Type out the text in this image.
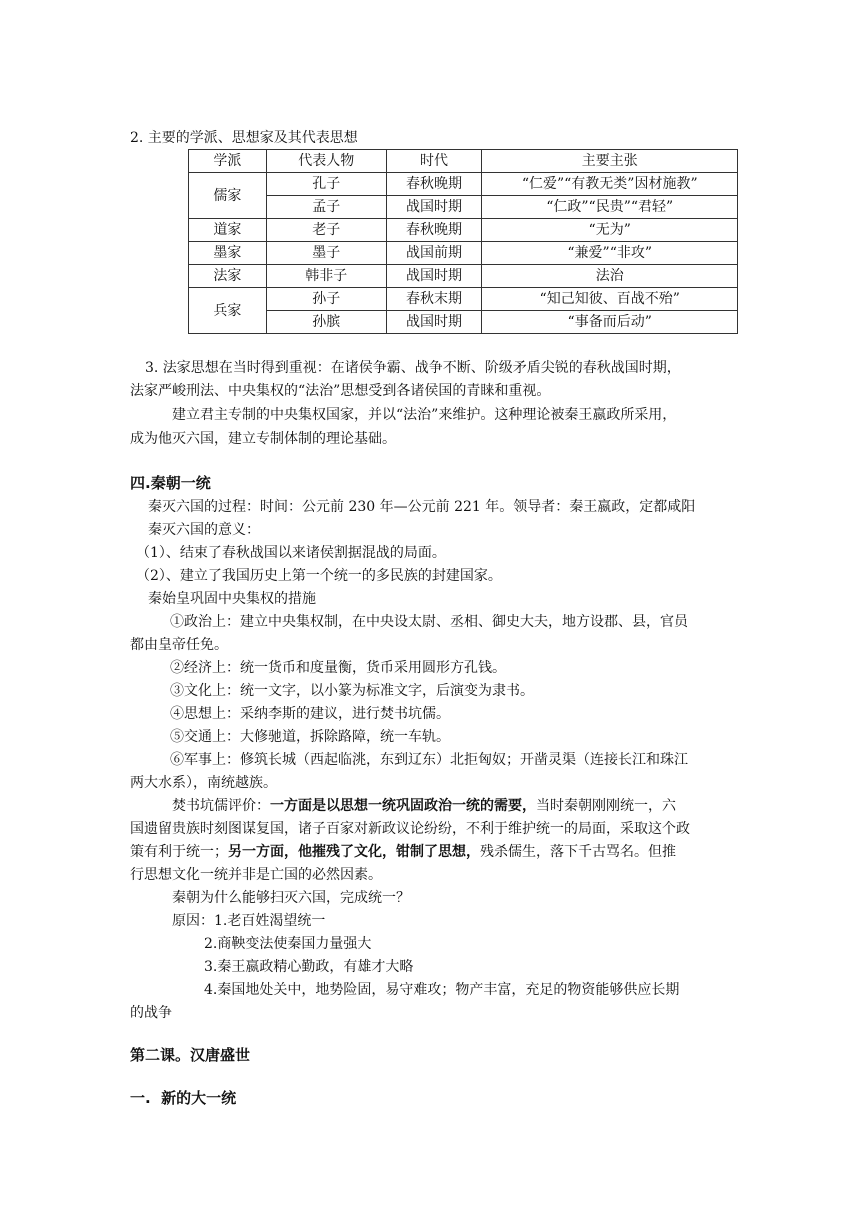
2. 主要的学派、思想家及其代表思想
学派	代表人物	时代	主要主张
儒家	孔子	春秋晚期	“仁爱”“有教无类”因材施教”
	孟子	战国时期	“仁政”“民贵”“君轻”
道家	老子	春秋晚期	“无为”
墨家	墨子	战国前期	“兼爱”“非攻”
法家	韩非子	战国时期	法治
兵家	孙子	春秋末期	“知己知彼、百战不殆”
	孙膑	战国时期	“事备而后动”
3. 法家思想在当时得到重视：在诸侯争霸、战争不断、阶级矛盾尖锐的春秋战国时期，
法家严峻刑法、中央集权的“法治”思想受到各诸侯国的青睐和重视。
建立君主专制的中央集权国家，并以“法治”来维护。这种理论被秦王嬴政所采用，
成为他灭六国，建立专制体制的理论基础。
四.秦朝一统
秦灭六国的过程：时间：公元前 230 年—公元前 221 年。领导者：秦王嬴政，定都咸阳
秦灭六国的意义：
（1）、结束了春秋战国以来诸侯割据混战的局面。
（2）、建立了我国历史上第一个统一的多民族的封建国家。
秦始皇巩固中央集权的措施
①政治上：建立中央集权制，在中央设太尉、丞相、御史大夫，地方设郡、县，官员
都由皇帝任免。
②经济上：统一货币和度量衡，货币采用圆形方孔钱。
③文化上：统一文字，以小篆为标准文字，后演变为隶书。
④思想上：采纳李斯的建议，进行焚书坑儒。
⑤交通上：大修驰道，拆除路障，统一车轨。
⑥军事上：修筑长城（西起临洮，东到辽东）北拒匈奴；开凿灵渠（连接长江和珠江
两大水系），南统越族。
焚书坑儒评价：一方面是以思想一统巩固政治一统的需要，当时秦朝刚刚统一，六
国遗留贵族时刻图谋复国，诸子百家对新政议论纷纷，不利于维护统一的局面，采取这个政
策有利于统一；另一方面，他摧残了文化，钳制了思想，残杀儒生，落下千古骂名。但推
行思想文化一统并非是亡国的必然因素。
秦朝为什么能够扫灭六国，完成统一？
原因：1.老百姓渴望统一
2.商鞅变法使秦国力量强大
3.秦王嬴政精心勤政，有雄才大略
4.秦国地处关中，地势险固，易守难攻；物产丰富，充足的物资能够供应长期
的战争
第二课。汉唐盛世
一.  新的大一统
